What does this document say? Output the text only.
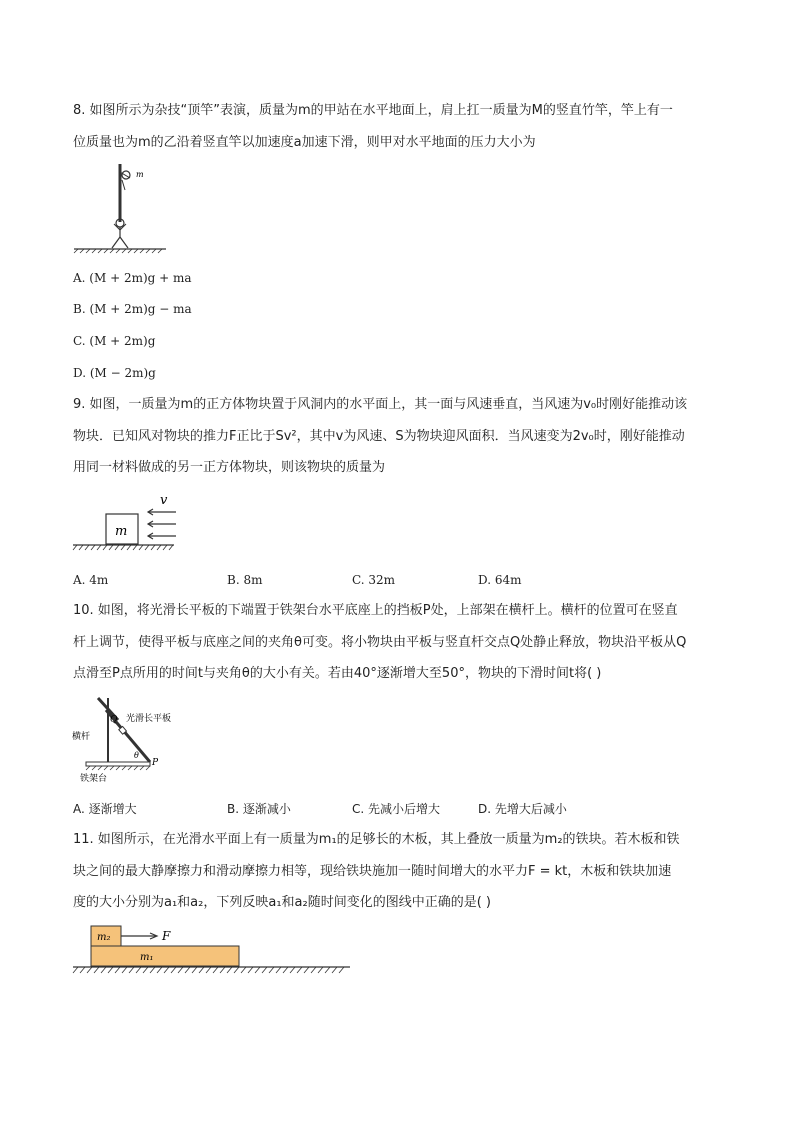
8. 如图所示为杂技“顶竿”表演，质量为m的甲站在水平地面上，肩上扛一质量为M的竖直竹竿，竿上有一
位质量也为m的乙沿着竖直竿以加速度a加速下滑，则甲对水平地面的压力大小为
m
A. (M + 2m)g + ma
B. (M + 2m)g − ma
C. (M + 2m)g
D. (M − 2m)g
9. 如图，一质量为m的正方体物块置于风洞内的水平面上，其一面与风速垂直，当风速为v₀时刚好能推动该
物块．已知风对物块的推力F正比于Sv²，其中v为风速、S为物块迎风面积．当风速变为2v₀时，刚好能推动
用同一材料做成的另一正方体物块，则该物块的质量为
m
v
A. 4m	B. 8m	C. 32m	D. 64m
10. 如图，将光滑长平板的下端置于铁架台水平底座上的挡板P处，上部架在横杆上。横杆的位置可在竖直
杆上调节，使得平板与底座之间的夹角θ可变。将小物块由平板与竖直杆交点Q处静止释放，物块沿平板从Q
点滑至P点所用的时间t与夹角θ的大小有关。若由40°逐渐增大至50°，物块的下滑时间t将( )
Q
P
θ
光滑长平板
横杆
铁架台
A. 逐渐增大	B. 逐渐减小	C. 先减小后增大	D. 先增大后减小
11. 如图所示，在光滑水平面上有一质量为m₁的足够长的木板，其上叠放一质量为m₂的铁块。若木板和铁
块之间的最大静摩擦力和滑动摩擦力相等，现给铁块施加一随时间增大的水平力F = kt，木板和铁块加速
度的大小分别为a₁和a₂，下列反映a₁和a₂随时间变化的图线中正确的是( )
m₂
m₁
F
